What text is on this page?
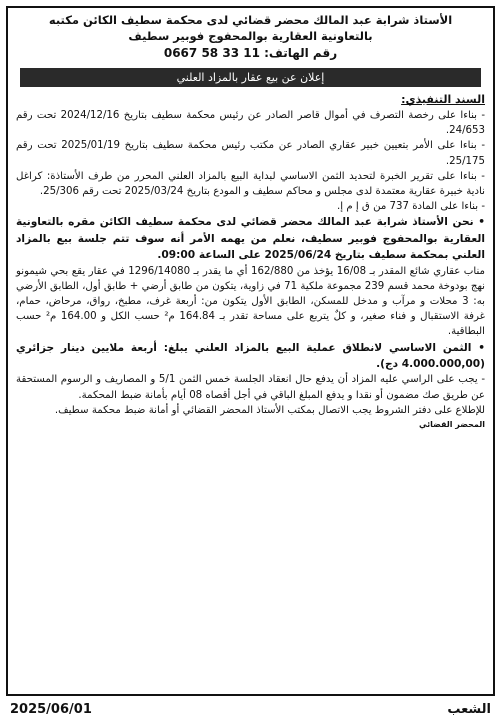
الأستاذ شرابة عبد المالك محضر قضائي لدى محكمة سطيف الكائن مكتبه
بالتعاونية العقارية بوالمحفوج فوبير سطيف
رقم الهاتف: 11 33 58 0667
إعلان عن بيع عقار بالمزاد العلني
السند التنفيذي:

- بناءا على رخصة التصرف في أموال قاصر الصادر عن رئيس محكمة سطيف بتاريخ 2024/12/16 تحت رقم 24/653.

- بناءا على الأمر بتعيين خبير عقاري الصادر عن مكتب رئيس محكمة سطيف بتاريخ 2025/01/19 تحت رقم 25/175.

- بناءا على تقرير الخبرة لتحديد الثمن الاساسي لبداية البيع بالمزاد العلني المحرر من طرف الأستاذة: كراغل نادية خبيرة عقارية معتمدة لدى مجلس و محاكم سطيف و المودع بتاريخ 2025/03/24 تحت رقم 25/306.

- بناءا على المادة 737 من ق إ م إ.

• نحن الأستاذ شرابة عبد المالك محضر قضائي لدى محكمة سطيف الكائن مقره بالتعاونية العقارية بوالمحفوج فوبير سطيف، نعلم من يهمه الأمر أنه سوف تتم جلسة بيع بالمزاد العلني بمحكمة سطيف بتاريخ 2025/06/24 على الساعة 09:00.

مناب عقاري شائع المقدر بـ 16/08 يؤخذ من 162/880 أي ما يقدر بـ 1296/14080 في عقار يقع بحي شيمونو نهج بودوخة محمد قسم 239 مجموعة ملكية 71 في زاوية، يتكون من طابق أرضي + طابق أول، الطابق الأرضي به: 3 محلات و مرآب و مدخل للمسكن، الطابق الأول يتكون من: أربعة غرف، مطبخ، رواق، مرحاض، حمام، غرفة الاستقبال و فناء صغير، و كلٌ يتربع على مساحة تقدر بـ 164.84 م² حسب الكل و 164.00 م² حسب البطاقية.

• الثمن الاساسي لانطلاق عملية البيع بالمزاد العلني يبلغ: أربعة ملايين دينار جزائري (4.000.000,00 دج).

- يجب على الراسي عليه المزاد أن يدفع حال انعقاد الجلسة خمس الثمن 5/1 و المصاريف و الرسوم المستحقة عن طريق صك مضمون أو نقدا و يدفع المبلغ الباقي في أجل أقصاه 08 أيام بأمانة ضبط المحكمة.

للإطلاع على دفتر الشروط يجب الاتصال بمكتب الأستاذ المحضر القضائي أو أمانة ضبط محكمة سطيف.

المحضر القضائي
الشعب
2025/06/01
